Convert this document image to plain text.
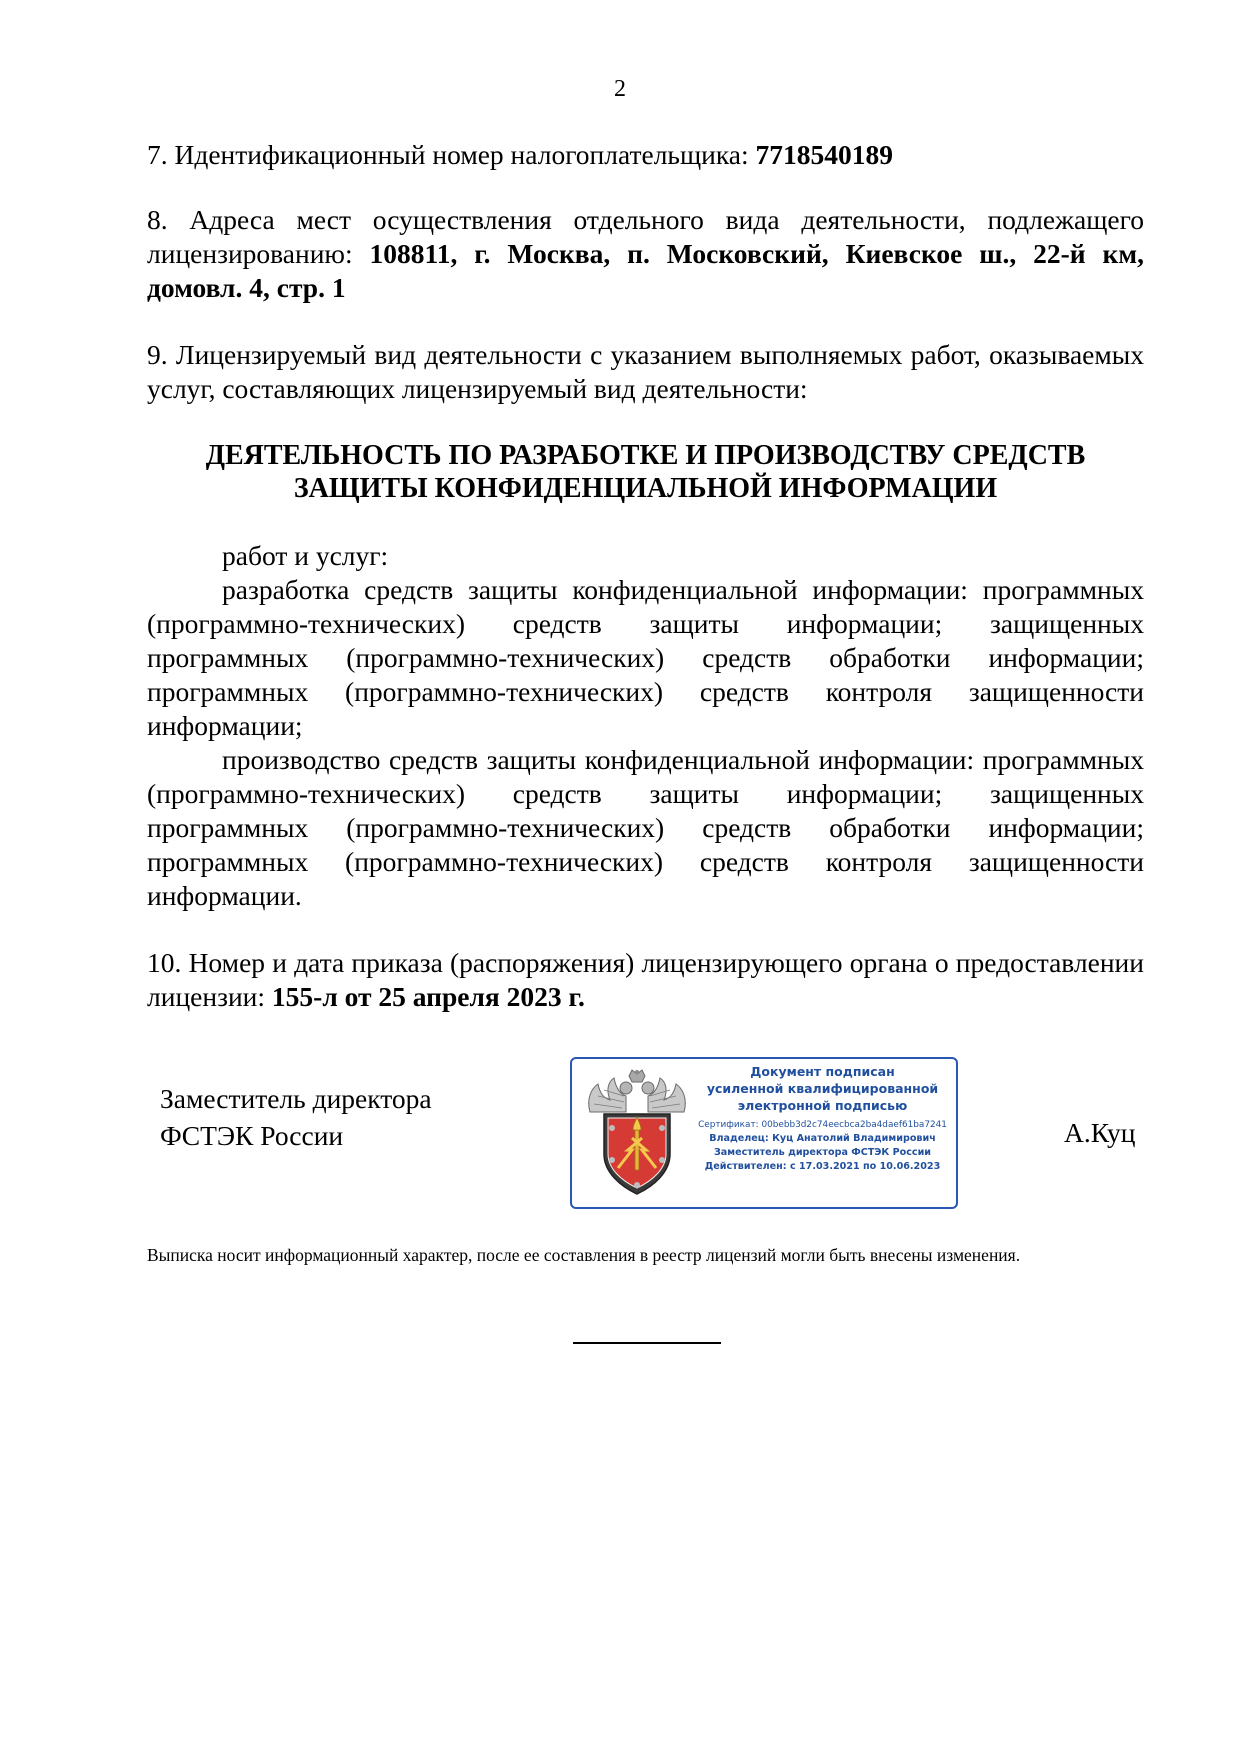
2

7. Идентификационный номер налогоплательщика: 7718540189

8. Адреса мест осуществления отдельного вида деятельности, подлежащего лицензированию: 108811, г. Москва, п. Московский, Киевское ш., 22-й км, домовл. 4, стр. 1

9. Лицензируемый вид деятельности с указанием выполняемых работ, оказываемых услуг, составляющих лицензируемый вид деятельности:

ДЕЯТЕЛЬНОСТЬ ПО РАЗРАБОТКЕ И ПРОИЗВОДСТВУ СРЕДСТВ
ЗАЩИТЫ КОНФИДЕНЦИАЛЬНОЙ ИНФОРМАЦИИ

работ и услуг:

разработка средств защиты конфиденциальной информации: программных (программно-технических) средств защиты информации; защищенных программных (программно-технических) средств обработки информации; программных (программно-технических) средств контроля защищенности информации;

производство средств защиты конфиденциальной информации: программных (программно-технических) средств защиты информации; защищенных программных (программно-технических) средств обработки информации; программных (программно-технических) средств контроля защищенности информации.

10. Номер и дата приказа (распоряжения) лицензирующего органа о предоставлении лицензии: 155-л от 25 апреля 2023 г.

Заместитель директора
ФСТЭК России
Документ подписан
усиленной квалифицированной
электронной подписью
Сертификат: 00bebb3d2c74eecbca2ba4daef61ba7241
Владелец: Куц Анатолий Владимирович
Заместитель директора ФСТЭК России
Действителен: с 17.03.2021 по 10.06.2023
А.Куц
Выписка носит информационный характер, после ее составления в реестр лицензий могли быть внесены изменения.
